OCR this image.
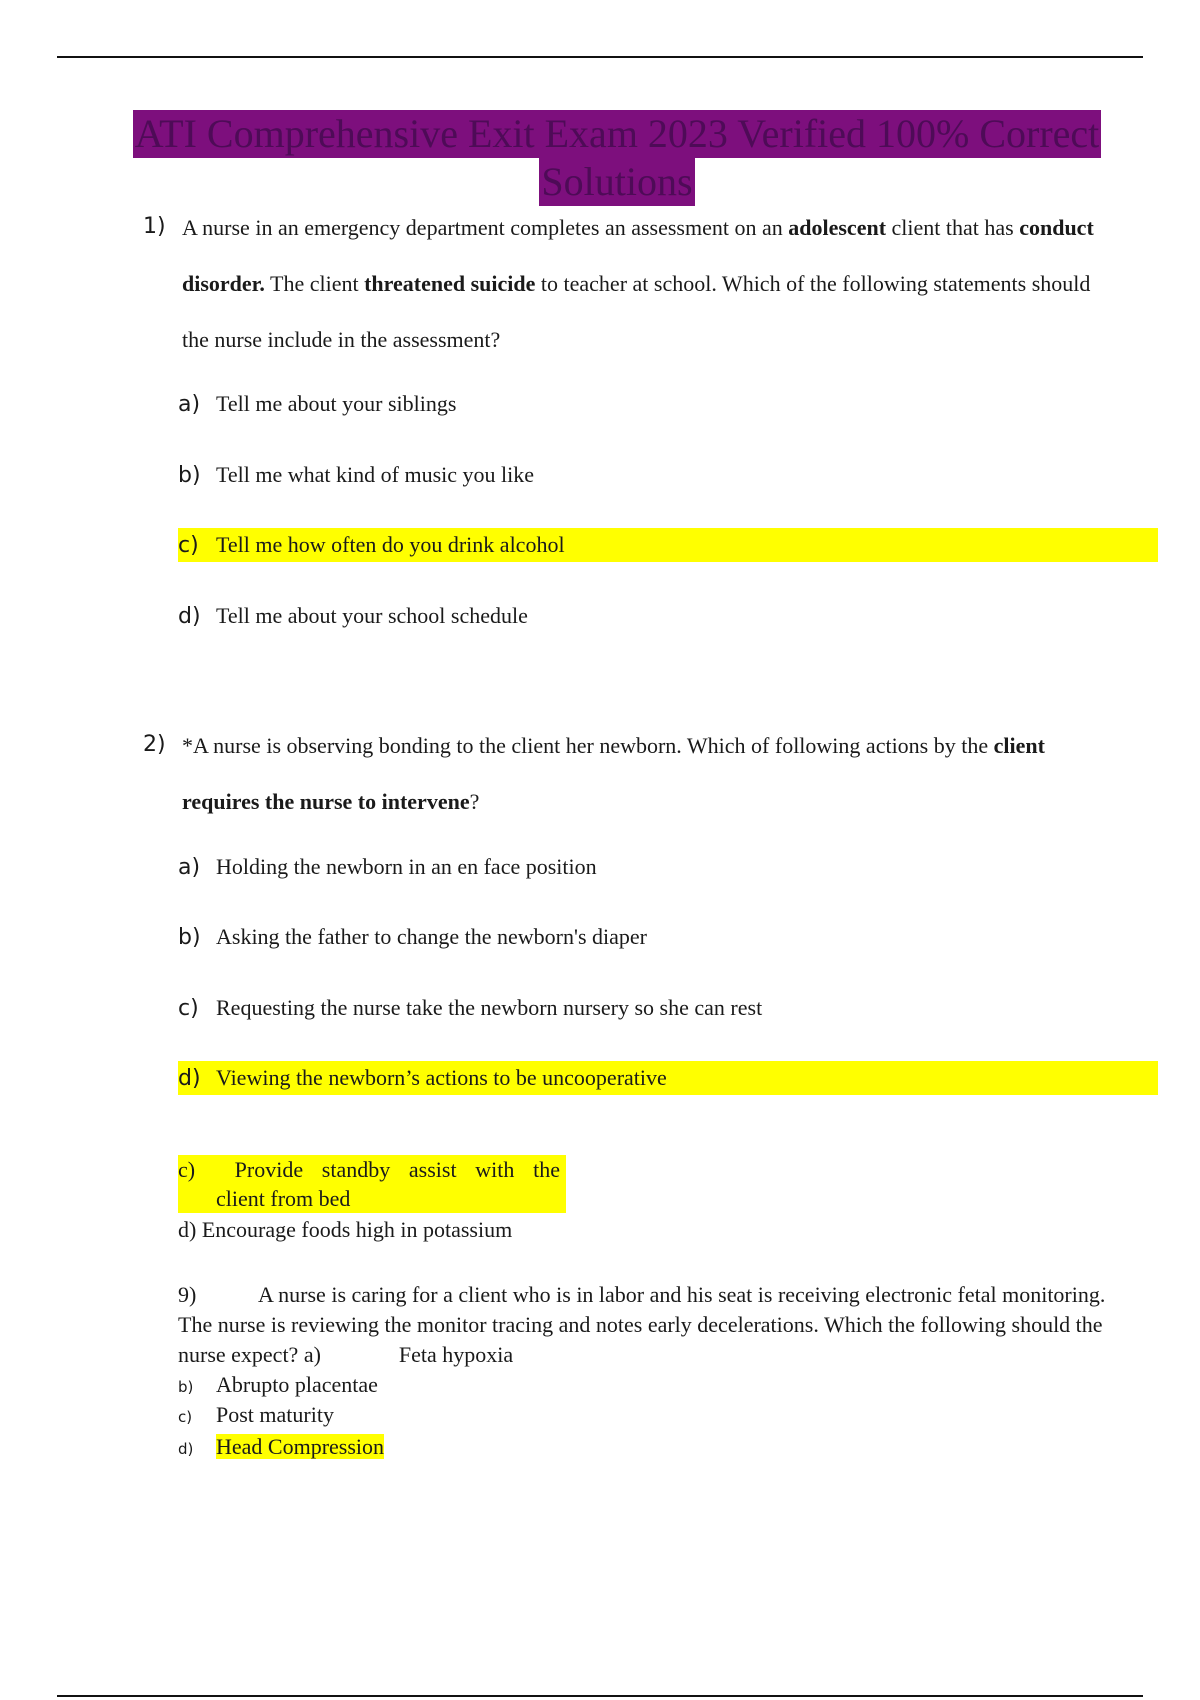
ATI Comprehensive Exit Exam 2023 Verified 100% Correct
Solutions
1) A nurse in an emergency department completes an assessment on an adolescent client that has conduct disorder. The client threatened suicide to teacher at school. Which of the following statements should the nurse include in the assessment?
a) Tell me about your siblings
b) Tell me what kind of music you like
c) Tell me how often do you drink alcohol
d) Tell me about your school schedule
2) *A nurse is observing bonding to the client her newborn. Which of following actions by the client requires the nurse to intervene?
a) Holding the newborn in an en face position
b) Asking the father to change the newborn's diaper
c) Requesting the nurse take the newborn nursery so she can rest
d) Viewing the newborn’s actions to be uncooperative
c)	Provide standby assist with the
client from bed
d) Encourage foods high in potassium
9)	A nurse is caring for a client who is in labor and his seat is receiving electronic fetal monitoring. The nurse is reviewing the monitor tracing and notes early decelerations. Which the following should the nurse expect? a)	Feta hypoxia
b) Abrupto placentae
c) Post maturity
d) Head Compression
